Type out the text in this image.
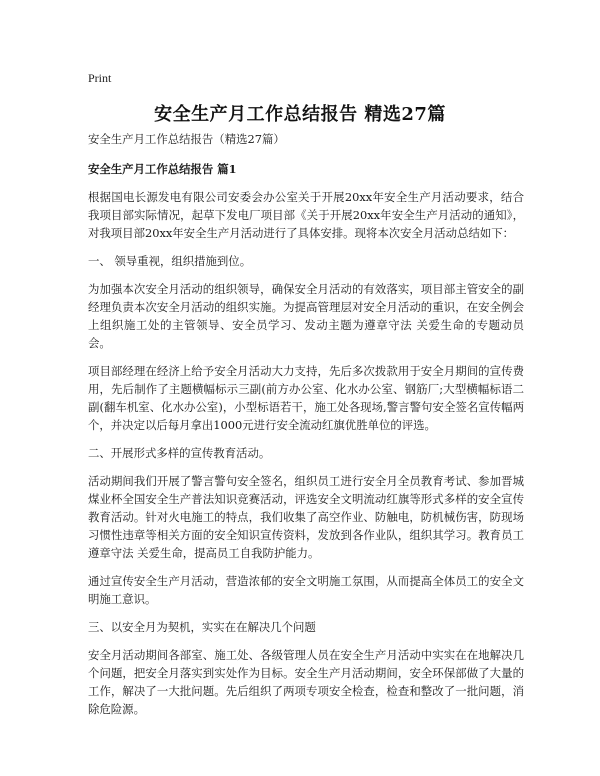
Print
安全生产月工作总结报告 精选27篇

安全生产月工作总结报告（精选27篇）

安全生产月工作总结报告 篇1

根据国电长源发电有限公司安委会办公室关于开展20xx年安全生产月活动要求，结合我项目部实际情况，起草下发电厂项目部《关于开展20xx年安全生产月活动的通知》，对我项目部20xx年安全生产月活动进行了具体安排。现将本次安全月活动总结如下：

一、 领导重视，组织措施到位。

为加强本次安全月活动的组织领导，确保安全月活动的有效落实，项目部主管安全的副经理负责本次安全月活动的组织实施。为提高管理层对安全月活动的重识，在安全例会上组织施工处的主管领导、安全员学习、发动主题为遵章守法 关爱生命的专题动员会。

项目部经理在经济上给予安全月活动大力支持，先后多次拨款用于安全月期间的宣传费用，先后制作了主题横幅标示三副(前方办公室、化水办公室、钢筋厂;大型横幅标语二副(翻车机室、化水办公室)，小型标语若干，施工处各现场,警言警句安全签名宣传幅两个，并决定以后每月拿出1000元进行安全流动红旗优胜单位的评选。

二、开展形式多样的宣传教育活动。

活动期间我们开展了警言警句安全签名，组织员工进行安全月全员教育考试、参加晋城煤业杯全国安全生产普法知识竞赛活动，评选安全文明流动红旗等形式多样的安全宣传教育活动。针对火电施工的特点，我们收集了高空作业、防触电，防机械伤害，防现场习惯性违章等相关方面的安全知识宣传资料，发放到各作业队，组织其学习。教育员工遵章守法 关爱生命，提高员工自我防护能力。

通过宣传安全生产月活动，营造浓郁的安全文明施工氛围，从而提高全体员工的安全文明施工意识。

三、以安全月为契机，实实在在解决几个问题

安全月活动期间各部室、施工处、各级管理人员在安全生产月活动中实实在在地解决几个问题，把安全月落实到实处作为目标。安全生产月活动期间，安全环保部做了大量的工作，解决了一大批问题。先后组织了两项专项安全检查，检查和整改了一批问题，消除危险源。
